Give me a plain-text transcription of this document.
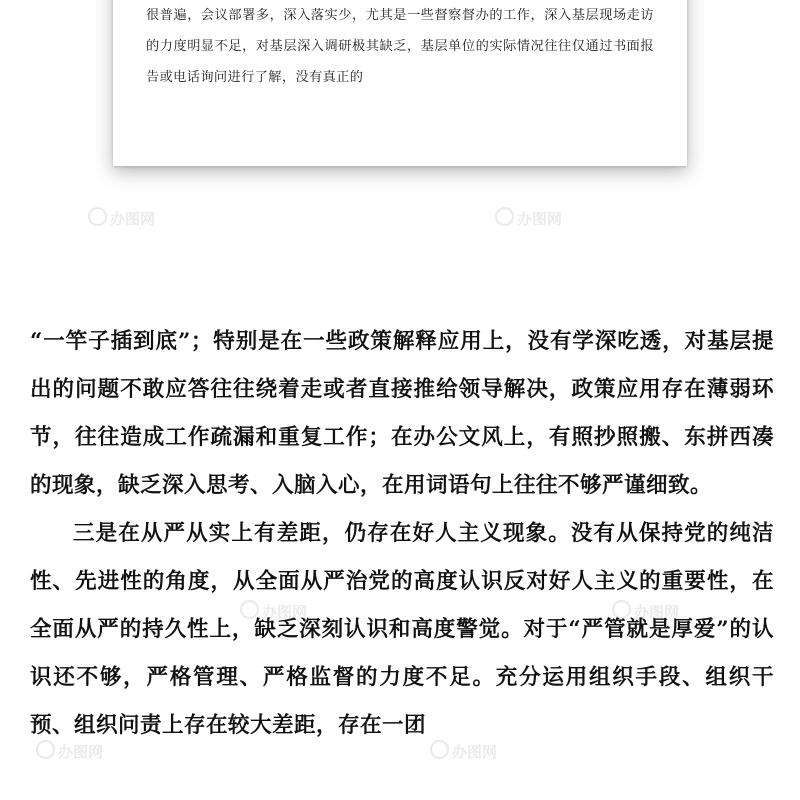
很普遍，会议部署多，深入落实少，尤其是一些督察督办的工作，深入基层现场走访的力度明显不足，对基层深入调研极其缺乏，基层单位的实际情况往往仅通过书面报告或电话询问进行了解，没有真正的

“一竿子插到底”；特别是在一些政策解释应用上，没有学深吃透，对基层提出的问题不敢应答往往绕着走或者直接推给领导解决，政策应用存在薄弱环节，往往造成工作疏漏和重复工作；在办公文风上，有照抄照搬、东拼西凑的现象，缺乏深入思考、入脑入心，在用词语句上往往不够严谨细致。

三是在从严从实上有差距，仍存在好人主义现象。没有从保持党的纯洁性、先进性的角度，从全面从严治党的高度认识反对好人主义的重要性，在全面从严的持久性上，缺乏深刻认识和高度警觉。对于“严管就是厚爱”的认识还不够，严格管理、严格监督的力度不足。充分运用组织手段、组织干预、组织问责上存在较大差距，存在一团

办图网	办图网
办图网	办图网
办图网	办图网
